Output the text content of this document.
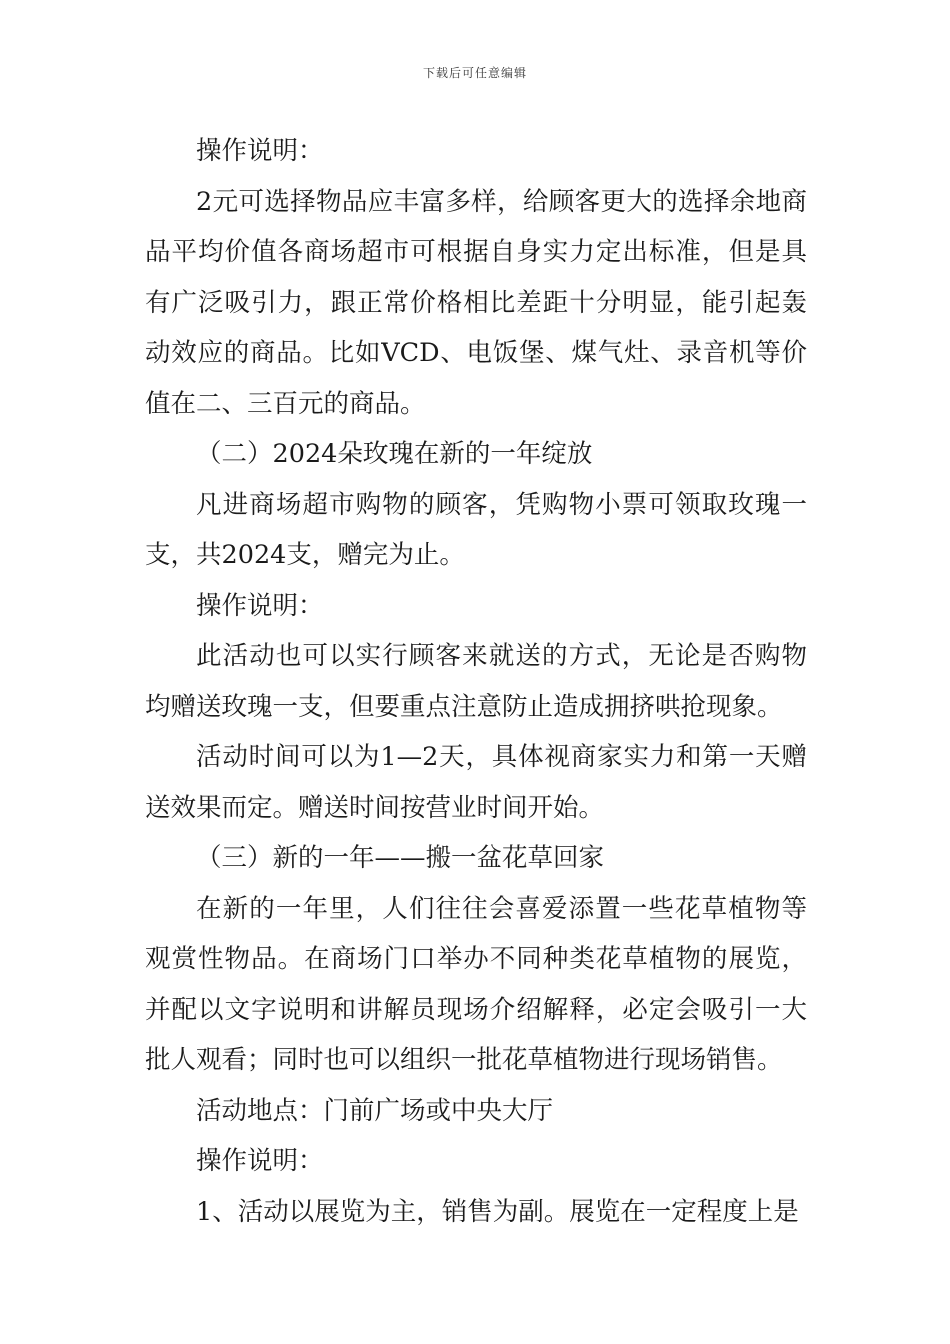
下载后可任意编辑

操作说明：

2元可选择物品应丰富多样，给顾客更大的选择余地商品平均价值各商场超市可根据自身实力定出标准，但是具有广泛吸引力，跟正常价格相比差距十分明显，能引起轰动效应的商品。比如VCD、电饭堡、煤气灶、录音机等价值在二、三百元的商品。

（二）2024朵玫瑰在新的一年绽放

凡进商场超市购物的顾客，凭购物小票可领取玫瑰一支，共2024支，赠完为止。

操作说明：

此活动也可以实行顾客来就送的方式，无论是否购物均赠送玫瑰一支，但要重点注意防止造成拥挤哄抢现象。

活动时间可以为1—2天，具体视商家实力和第一天赠送效果而定。赠送时间按营业时间开始。

（三）新的一年——搬一盆花草回家

在新的一年里，人们往往会喜爱添置一些花草植物等观赏性物品。在商场门口举办不同种类花草植物的展览，并配以文字说明和讲解员现场介绍解释，必定会吸引一大批人观看；同时也可以组织一批花草植物进行现场销售。

活动地点：门前广场或中央大厅

操作说明：

1、活动以展览为主，销售为副。展览在一定程度上是
